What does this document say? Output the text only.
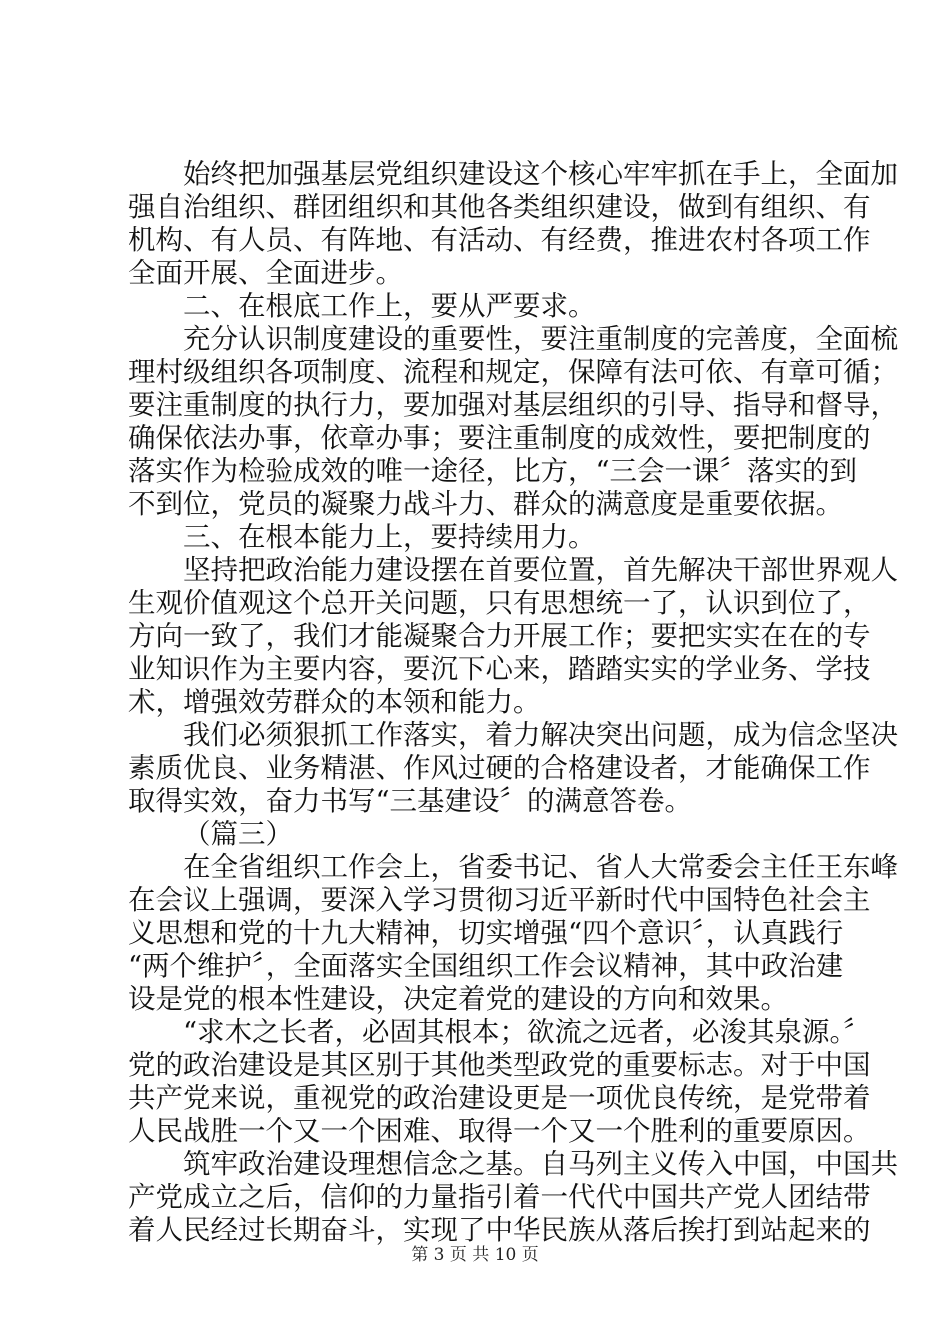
始终把加强基层党组织建设这个核心牢牢抓在手上，全面加
强自治组织、群团组织和其他各类组织建设，做到有组织、有
机构、有人员、有阵地、有活动、有经费，推进农村各项工作
全面开展、全面进步。
二、在根底工作上，要从严要求。
充分认识制度建设的重要性，要注重制度的完善度，全面梳
理村级组织各项制度、流程和规定，保障有法可依、有章可循；
要注重制度的执行力，要加强对基层组织的引导、指导和督导，
确保依法办事，依章办事；要注重制度的成效性，要把制度的
落实作为检验成效的唯一途径，比方，“三会一课〞落实的到
不到位，党员的凝聚力战斗力、群众的满意度是重要依据。
三、在根本能力上，要持续用力。
坚持把政治能力建设摆在首要位置，首先解决干部世界观人
生观价值观这个总开关问题，只有思想统一了，认识到位了，
方向一致了，我们才能凝聚合力开展工作；要把实实在在的专
业知识作为主要内容，要沉下心来，踏踏实实的学业务、学技
术，增强效劳群众的本领和能力。
我们必须狠抓工作落实，着力解决突出问题，成为信念坚决
素质优良、业务精湛、作风过硬的合格建设者，才能确保工作
取得实效，奋力书写“三基建设〞的满意答卷。
（篇三）
在全省组织工作会上，省委书记、省人大常委会主任王东峰
在会议上强调，要深入学习贯彻习近平新时代中国特色社会主
义思想和党的十九大精神，切实增强“四个意识〞，认真践行
“两个维护〞，全面落实全国组织工作会议精神，其中政治建
设是党的根本性建设，决定着党的建设的方向和效果。
“求木之长者，必固其根本；欲流之远者，必浚其泉源。〞
党的政治建设是其区别于其他类型政党的重要标志。对于中国
共产党来说，重视党的政治建设更是一项优良传统，是党带着
人民战胜一个又一个困难、取得一个又一个胜利的重要原因。
筑牢政治建设理想信念之基。自马列主义传入中国，中国共
产党成立之后，信仰的力量指引着一代代中国共产党人团结带
着人民经过长期奋斗，实现了中华民族从落后挨打到站起来的
第 3 页 共 10 页
